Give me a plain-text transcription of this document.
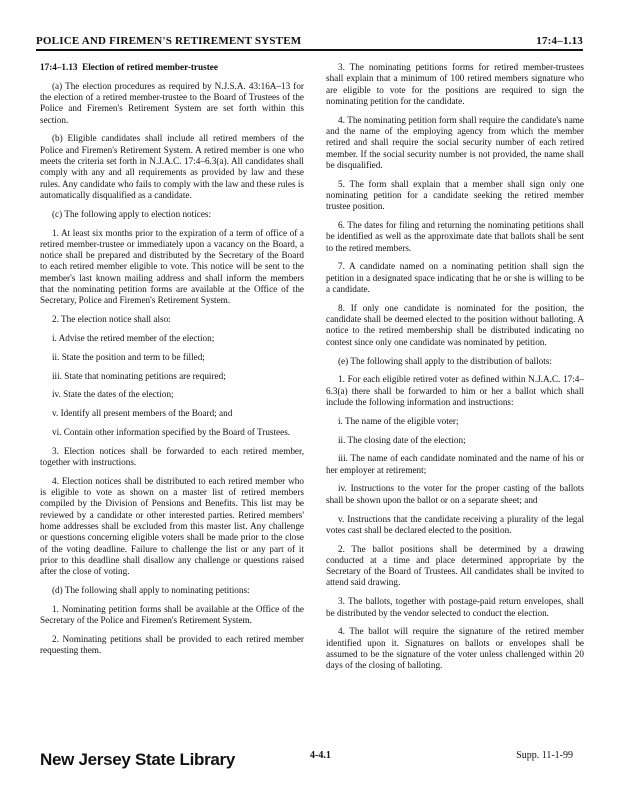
POLICE AND FIREMEN'S RETIREMENT SYSTEM	17:4–1.13

17:4–1.13 Election of retired member-trustee

(a) The election procedures as required by N.J.S.A. 43:16A–13 for the election of a retired member-trustee to the Board of Trustees of the Police and Firemen's Retirement System are set forth within this section.

(b) Eligible candidates shall include all retired members of the Police and Firemen's Retirement System. A retired member is one who meets the criteria set forth in N.J.A.C. 17:4–6.3(a). All candidates shall comply with any and all requirements as provided by law and these rules. Any candidate who fails to comply with the law and these rules is automatically disqualified as a candidate.

(c) The following apply to election notices:

1. At least six months prior to the expiration of a term of office of a retired member-trustee or immediately upon a vacancy on the Board, a notice shall be prepared and distributed by the Secretary of the Board to each retired member eligible to vote. This notice will be sent to the member's last known mailing address and shall inform the members that the nominating petition forms are available at the Office of the Secretary, Police and Firemen's Retirement System.

2. The election notice shall also:

i. Advise the retired member of the election;

ii. State the position and term to be filled;

iii. State that nominating petitions are required;

iv. State the dates of the election;

v. Identify all present members of the Board; and

vi. Contain other information specified by the Board of Trustees.

3. Election notices shall be forwarded to each retired member, together with instructions.

4. Election notices shall be distributed to each retired member who is eligible to vote as shown on a master list of retired members compiled by the Division of Pensions and Benefits. This list may be reviewed by a candidate or other interested parties. Retired members' home addresses shall be excluded from this master list. Any challenge or questions concerning eligible voters shall be made prior to the close of the voting deadline. Failure to challenge the list or any part of it prior to this deadline shall disallow any challenge or questions raised after the close of voting.

(d) The following shall apply to nominating petitions:

1. Nominating petition forms shall be available at the Office of the Secretary of the Police and Firemen's Retirement System.

2. Nominating petitions shall be provided to each retired member requesting them.

3. The nominating petitions forms for retired member-trustees shall explain that a minimum of 100 retired members signature who are eligible to vote for the positions are required to sign the nominating petition for the candidate.

4. The nominating petition form shall require the candidate's name and the name of the employing agency from which the member retired and shall require the social security number of each retired member. If the social security number is not provided, the name shall be disqualified.

5. The form shall explain that a member shall sign only one nominating petition for a candidate seeking the retired member trustee position.

6. The dates for filing and returning the nominating petitions shall be identified as well as the approximate date that ballots shall be sent to the retired members.

7. A candidate named on a nominating petition shall sign the petition in a designated space indicating that he or she is willing to be a candidate.

8. If only one candidate is nominated for the position, the candidate shall be deemed elected to the position without balloting. A notice to the retired membership shall be distributed indicating no contest since only one candidate was nominated by petition.

(e) The following shall apply to the distribution of ballots:

1. For each eligible retired voter as defined within N.J.A.C. 17:4–6.3(a) there shall be forwarded to him or her a ballot which shall include the following information and instructions:

i. The name of the eligible voter;

ii. The closing date of the election;

iii. The name of each candidate nominated and the name of his or her employer at retirement;

iv. Instructions to the voter for the proper casting of the ballots shall be shown upon the ballot or on a separate sheet; and

v. Instructions that the candidate receiving a plurality of the legal votes cast shall be declared elected to the position.

2. The ballot positions shall be determined by a drawing conducted at a time and place determined appropriate by the Secretary of the Board of Trustees. All candidates shall be invited to attend said drawing.

3. The ballots, together with postage-paid return envelopes, shall be distributed by the vendor selected to conduct the election.

4. The ballot will require the signature of the retired member identified upon it. Signatures on ballots or envelopes shall be assumed to be the signature of the voter unless challenged within 20 days of the closing of balloting.

New Jersey State Library	4-4.1	Supp. 11-1-99
